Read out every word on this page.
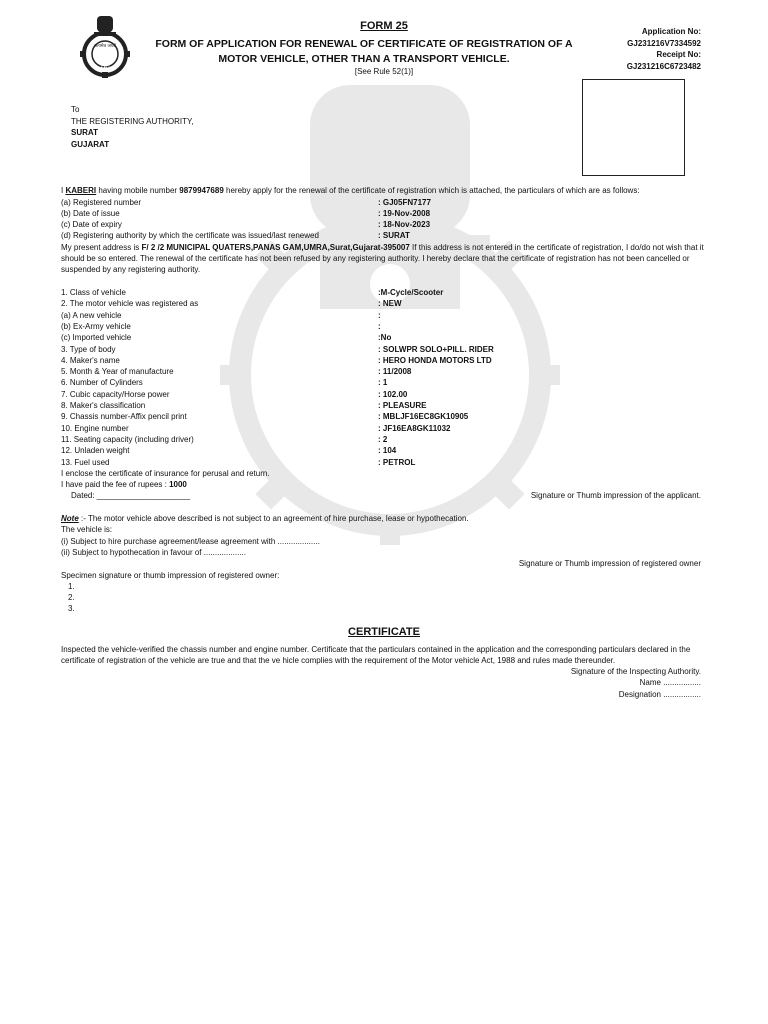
सत्यमेव जयते
GMVD
FORM 25
FORM OF APPLICATION FOR RENEWAL OF CERTIFICATE OF REGISTRATION OF A MOTOR VEHICLE, OTHER THAN A TRANSPORT VEHICLE.
[See Rule 52(1)]
Application No:
GJ231216V7334592
Receipt No:
GJ231216C6723482
To
THE REGISTERING AUTHORITY,
SURAT
GUJARAT
I KABERI having mobile number 9879947689 hereby apply for the renewal of the certificate of registration which is attached, the particulars of which are as follows:
(a) Registered number	: GJ05FN7177
(b) Date of issue	: 19-Nov-2008
(c) Date of expiry	: 18-Nov-2023
(d) Registering authority by which the certificate was issued/last renewed	: SURAT
My present address is F/ 2 /2 MUNICIPAL QUATERS,PANAS GAM,UMRA,Surat,Gujarat-395007 If this address is not entered in the certificate of registration, I do/do not wish that it should be so entered. The renewal of the certificate has not been refused by any registering authority. I hereby declare that the certificate of registration has not been cancelled or suspended by any registering authority.
1. Class of vehicle	:M-Cycle/Scooter
2. The motor vehicle was registered as	: NEW
(a) A new vehicle	:
(b) Ex-Army vehicle	:
(c) Imported vehicle	:No
3. Type of body	: SOLWPR SOLO+PILL. RIDER
4. Maker's name	: HERO HONDA MOTORS LTD
5. Month & Year of manufacture	: 11/2008
6. Number of Cylinders	: 1
7. Cubic capacity/Horse power	: 102.00
8. Maker's classification	: PLEASURE
9. Chassis number-Affix pencil print	: MBLJF16EC8GK10905
10. Engine number	: JF16EA8GK11032
11. Seating capacity (including driver)	: 2
12. Unladen weight	: 104
13. Fuel used	: PETROL
I enclose the certificate of insurance for perusal and return.
I have paid the fee of rupees : 1000
Dated: _____________________	Signature or Thumb impression of the applicant.
Note :- The motor vehicle above described is not subject to an agreement of hire purchase, lease or hypothecation.
The vehicle is:
(i) Subject to hire purchase agreement/lease agreement with ...................
(ii) Subject to hypothecation in favour of ...................
Signature or Thumb impression of registered owner
Specimen signature or thumb impression of registered owner:
1.
2.
3.
CERTIFICATE
Inspected the vehicle-verified the chassis number and engine number. Certificate that the particulars contained in the application and the corresponding particulars declared in the certificate of registration of the vehicle are true and that the ve hicle complies with the requirement of the Motor vehicle Act, 1988 and rules made thereunder.
Signature of the Inspecting Authority.
Name .................
Designation .................
